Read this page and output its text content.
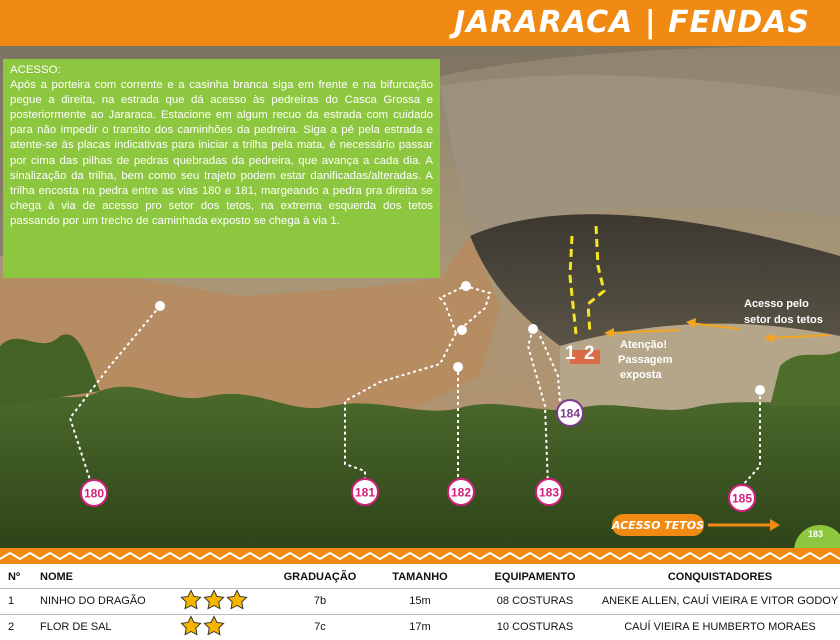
JARARACA | FENDAS
1 2
Acesso pelo
setor dos tetos
Atenção!
Passagem
exposta
180	181	182	183
184
185
ACESSO TETOS
183
ACESSO:
Após a porteira com corrente e a casinha branca siga em frente e na bifurcação pegue a direita, na estrada que dá acesso às pedreiras do Casca Grossa e posteriormente ao Jararaca. Estacione em algum recuo da estrada com cuidado para não impedir o transito dos caminhões da pedreira. Siga a pé pela estrada e atente-se às placas indicativas para iniciar a trilha pela mata, é necessário passar por cima das pilhas de pedras quebradas da pedreira, que avança a cada dia. A sinalização da trilha, bem como seu trajeto podem estar danificadas/alteradas. A trilha encosta na pedra entre as vias 180 e 181, margeando a pedra pra direita se chega à via de acesso pro setor dos tetos, na extrema esquerda dos tetos passando por um trecho de caminhada exposto se chega à via 1.
Nº	NOME		GRADUAÇÃO	TAMANHO	EQUIPAMENTO	CONQUISTADORES
1	NINHO DO DRAGÃO		7b	15m	08 COSTURAS	ANEKE ALLEN, CAUÍ VIEIRA E VITOR GODOY
2	FLOR DE SAL		7c	17m	10 COSTURAS	CAUÍ VIEIRA E HUMBERTO MORAES
